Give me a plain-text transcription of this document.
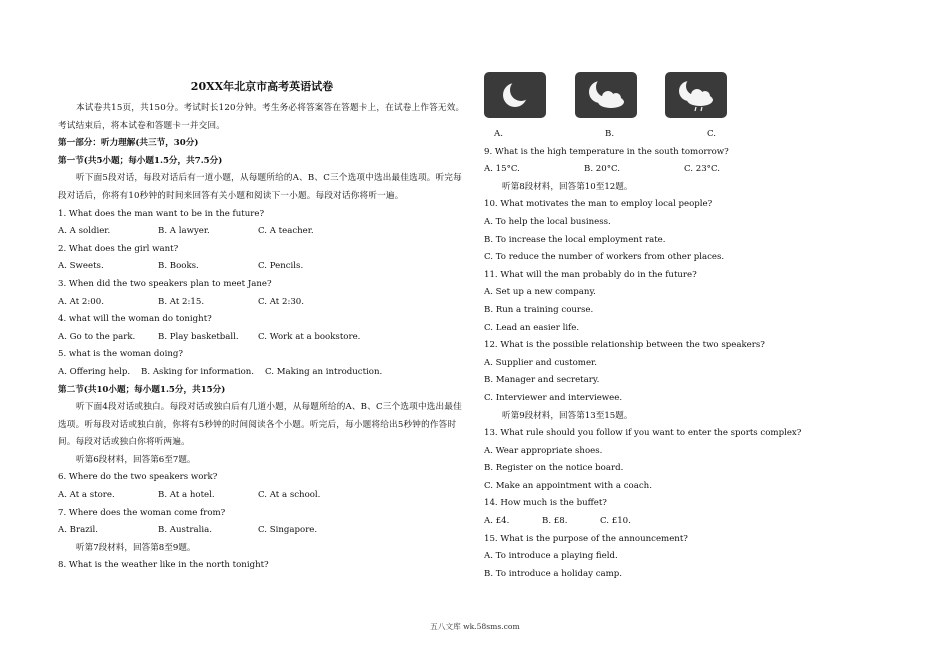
20XX年北京市高考英语试卷
本试卷共15页，共150分。考试时长120分钟。考生务必将答案答在答题卡上，在试卷上作答无效。考试结束后，将本试卷和答题卡一并交回。
第一部分：听力理解(共三节，30分)
第一节(共5小题；每小题1.5分，共7.5分)
听下面5段对话，每段对话后有一道小题，从每题所给的A、B、C三个选项中选出最佳选项。听完每段对话后，你将有10秒钟的时间来回答有关小题和阅读下一小题。每段对话你将听一遍。
1. What does the man want to be in the future?
A. A soldier.	B. A lawyer.	C. A teacher.
2. What does the girl want?
A. Sweets.	B. Books.	C. Pencils.
3. When did the two speakers plan to meet Jane?
A. At 2:00.	B. At 2:15.	C. At 2:30.
4. what will the woman do tonight?
A. Go to the park.	B. Play basketball.	C. Work at a bookstore.
5. what is the woman doing?
A. Offering help.    B. Asking for information.    C. Making an introduction.
第二节(共10小题；每小题1.5分，共15分)
听下面4段对话或独白。每段对话或独白后有几道小题，从每题所给的A、B、C三个选项中选出最佳选项。听每段对话或独白前，你将有5秒钟的时间阅读各个小题。听完后，每小题将给出5秒钟的作答时间。每段对话或独白你将听两遍。
听第6段材料，回答第6至7题。
6. Where do the two speakers work?
A. At a store.	B. At a hotel.	C. At a school.
7. Where does the woman come from?
A. Brazil.	B. Australia.	C. Singapore.
听第7段材料，回答第8至9题。
8. What is the weather like in the north tonight?
A.	B.	C.
9. What is the high temperature in the south tomorrow?
A. 15°C.	B. 20°C.	C. 23°C.
听第8段材料，回答第10至12题。
10. What motivates the man to employ local people?
A. To help the local business.
B. To increase the local employment rate.
C. To reduce the number of workers from other places.
11. What will the man probably do in the future?
A. Set up a new company.
B. Run a training course.
C. Lead an easier life.
12. What is the possible relationship between the two speakers?
A. Supplier and customer.
B. Manager and secretary.
C. Interviewer and interviewee.
听第9段材料，回答第13至15题。
13. What rule should you follow if you want to enter the sports complex?
A. Wear appropriate shoes.
B. Register on the notice board.
C. Make an appointment with a coach.
14. How much is the buffet?
A. £4.	B. £8.	C. £10.
15. What is the purpose of the announcement?
A. To introduce a playing field.
B. To introduce a holiday camp.
五八文库 wk.58sms.com
